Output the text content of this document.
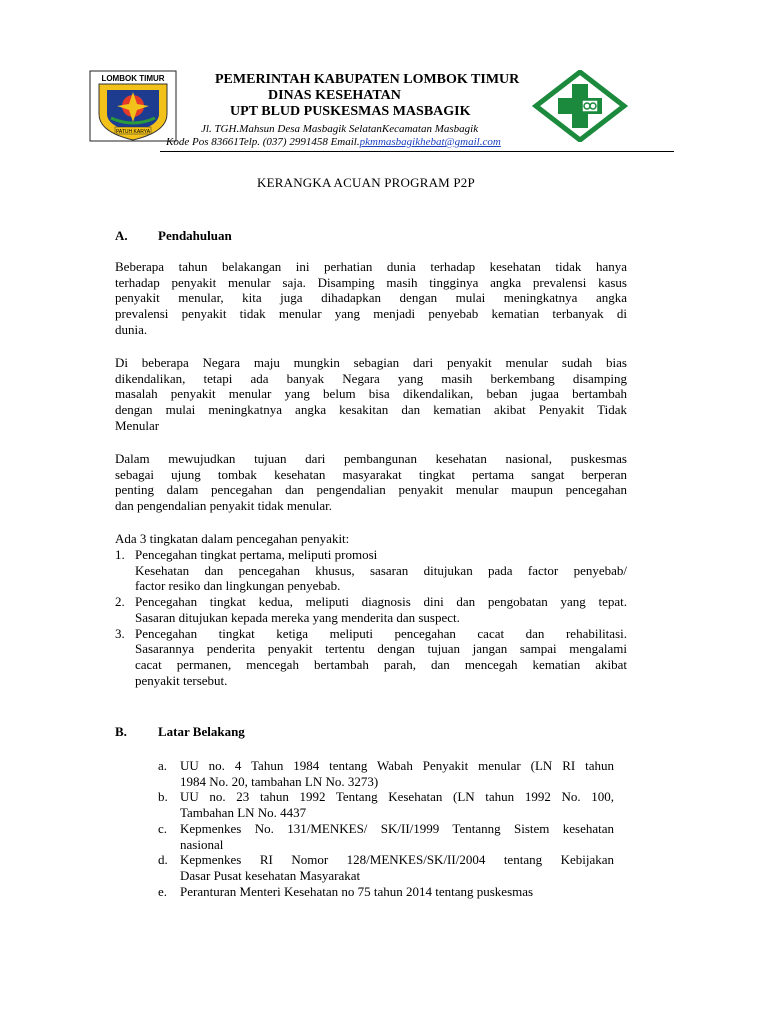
LOMBOK TIMUR
PATUH KARYA
PEMERINTAH KABUPATEN LOMBOK TIMUR
DINAS KESEHATAN
UPT BLUD PUSKESMAS MASBAGIK
Jl. TGH.Mahsun Desa Masbagik SelatanKecamatan Masbagik
Kode Pos 83661Telp. (037) 2991458 Email.pkmmasbagikhebat@gmail.com
KERANGKA ACUAN PROGRAM P2P
A. Pendahuluan
Beberapa tahun belakangan ini perhatian dunia terhadap kesehatan tidak hanya
terhadap penyakit menular saja. Disamping masih tingginya angka prevalensi kasus
penyakit menular, kita juga dihadapkan dengan mulai meningkatnya angka
prevalensi penyakit tidak menular yang menjadi penyebab kematian terbanyak di
dunia.
Di beberapa Negara maju mungkin sebagian dari penyakit menular sudah bias
dikendalikan, tetapi ada banyak Negara yang masih berkembang disamping
masalah penyakit menular yang belum bisa dikendalikan, beban jugaa bertambah
dengan mulai meningkatnya angka kesakitan dan kematian akibat Penyakit Tidak
Menular
Dalam mewujudkan tujuan dari pembangunan kesehatan nasional, puskesmas
sebagai ujung tombak kesehatan masyarakat tingkat pertama sangat berperan
penting dalam pencegahan dan pengendalian penyakit menular maupun pencegahan
dan pengendalian penyakit tidak menular.
Ada 3 tingkatan dalam pencegahan penyakit:
1. Pencegahan tingkat pertama, meliputi promosi
Kesehatan dan pencegahan khusus, sasaran ditujukan pada factor penyebab/
factor resiko dan lingkungan penyebab.
2. Pencegahan tingkat kedua, meliputi diagnosis dini dan pengobatan yang tepat.
Sasaran ditujukan kepada mereka yang menderita dan suspect.
3. Pencegahan tingkat ketiga meliputi pencegahan cacat dan rehabilitasi.
Sasarannya penderita penyakit tertentu dengan tujuan jangan sampai mengalami
cacat permanen, mencegah bertambah parah, dan mencegah kematian akibat
penyakit tersebut.
B. Latar Belakang
a. UU no. 4 Tahun 1984 tentang Wabah Penyakit menular (LN RI tahun
1984 No. 20, tambahan LN No. 3273)
b. UU no. 23 tahun 1992 Tentang Kesehatan (LN tahun 1992 No. 100,
Tambahan LN No. 4437
c. Kepmenkes No. 131/MENKES/ SK/II/1999 Tentanng Sistem kesehatan
nasional
d. Kepmenkes RI Nomor 128/MENKES/SK/II/2004 tentang Kebijakan
Dasar Pusat kesehatan Masyarakat
e. Peranturan Menteri Kesehatan no 75 tahun 2014 tentang puskesmas
